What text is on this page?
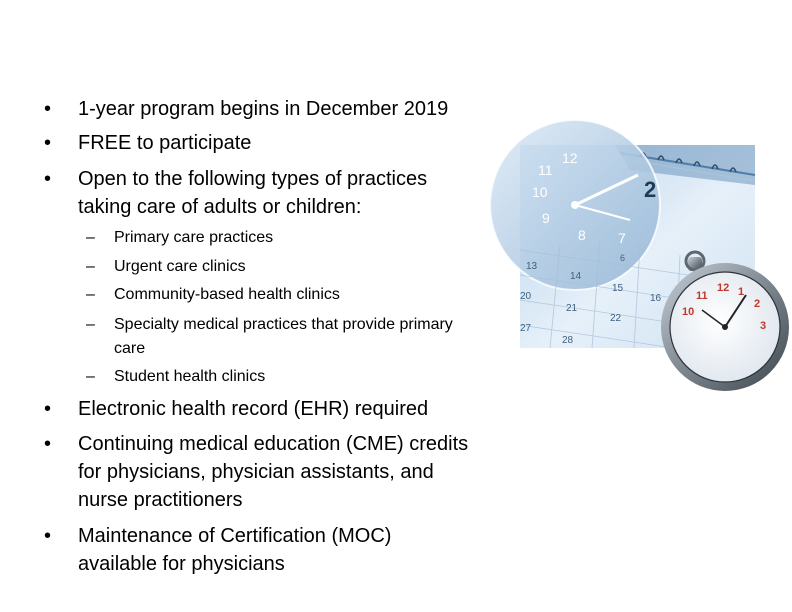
• 1-year program begins in December 2019
• FREE to participate
• Open to the following types of practices
taking care of adults or children:
– Primary care practices
– Urgent care clinics
– Community-based health clinics
– Specialty medical practices that provide primary
care
– Student health clinics
• Electronic health record (EHR) required
• Continuing medical education (CME) credits
for physicians, physician assistants, and
nurse practitioners
• Maintenance of Certification (MOC)
available for physicians
11
12
10
9
8 7
2
13
14
15
16
20
21
22
28
27
6
12
11
10
1
2
3
